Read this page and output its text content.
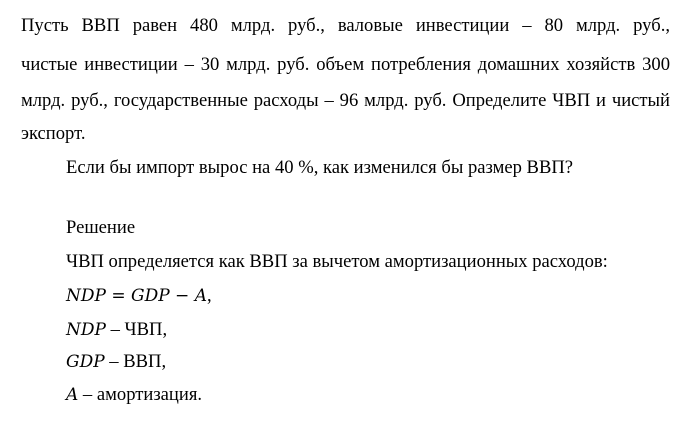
Пусть ВВП равен 480 млрд. руб., валовые инвестиции – 80 млрд. руб.,
чистые инвестиции – 30 млрд. руб. объем потребления домашних хозяйств 300
млрд. руб., государственные расходы – 96 млрд. руб. Определите ЧВП и чистый
экспорт.
Если бы импорт вырос на 40 %, как изменился бы размер ВВП?
Решение
ЧВП определяется как ВВП за вычетом амортизационных расходов:
NDP = GDP − A,
NDP – ЧВП,
GDP – ВВП,
A – амортизация.
